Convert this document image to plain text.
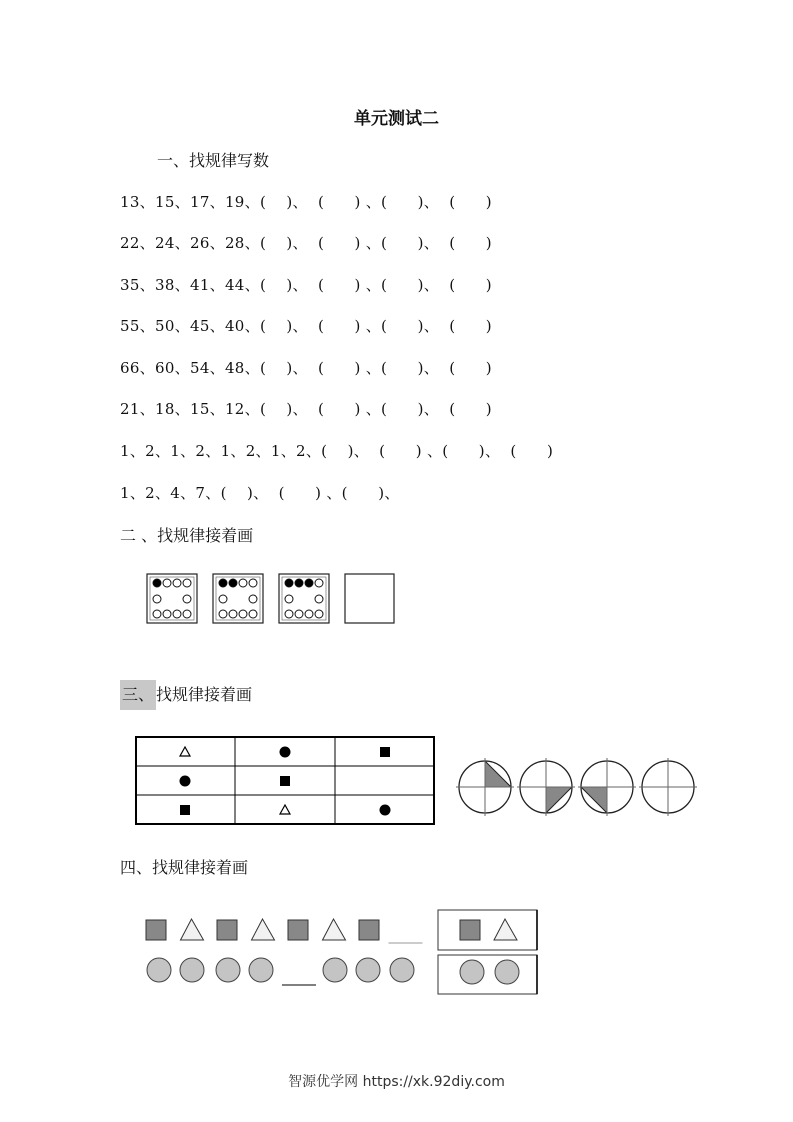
单元测试二
一、找规律写数
13、15、17、19、(    )、  (      ) 、(      )、  (      )
22、24、26、28、(    )、  (      ) 、(      )、  (      )
35、38、41、44、(    )、  (      ) 、(      )、  (      )
55、50、45、40、(    )、  (      ) 、(      )、  (      )
66、60、54、48、(    )、  (      ) 、(      )、  (      )
21、18、15、12、(    )、  (      ) 、(      )、  (      )
1、2、1、2、1、2、1、2、(    )、  (      ) 、(      )、  (      )
1、2、4、7、(    )、  (      ) 、(      )、
二 、找规律接着画
三、 找规律接着画
四、找规律接着画
智源优学网 https://xk.92diy.com
